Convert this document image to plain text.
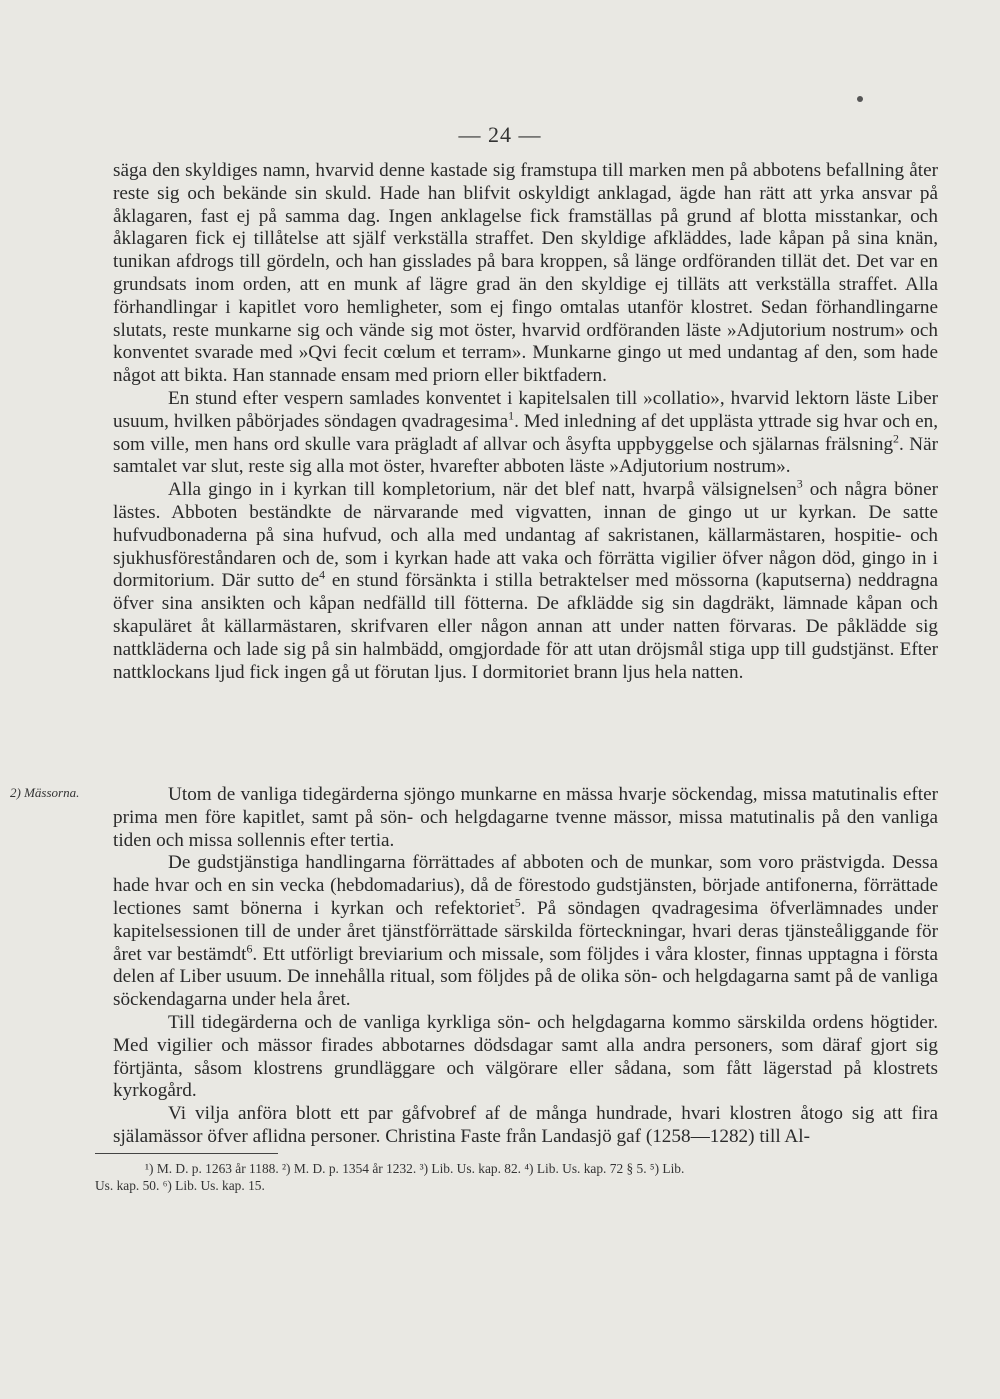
— 24 —

säga den skyldiges namn, hvarvid denne kastade sig framstupa till marken men på abbotens befallning åter reste sig och bekände sin skuld. Hade han blifvit oskyldigt anklagad, ägde han rätt att yrka ansvar på åklagaren, fast ej på samma dag. Ingen anklagelse fick framställas på grund af blotta misstankar, och åklagaren fick ej tillåtelse att själf verkställa straffet. Den skyldige afkläddes, lade kåpan på sina knän, tunikan afdrogs till gördeln, och han gisslades på bara kroppen, så länge ordföranden tillät det. Det var en grundsats inom orden, att en munk af lägre grad än den skyldige ej tilläts att verkställa straffet. Alla förhandlingar i kapitlet voro hemligheter, som ej fingo omtalas utanför klostret. Sedan förhandlingarne slutats, reste munkarne sig och vände sig mot öster, hvarvid ordföranden läste »Adjutorium nostrum» och konventet svarade med »Qvi fecit cœlum et terram». Munkarne gingo ut med undantag af den, som hade något att bikta. Han stannade ensam med priorn eller biktfadern.

En stund efter vespern samlades konventet i kapitelsalen till »collatio», hvarvid lektorn läste Liber usuum, hvilken påbörjades söndagen qvadragesima$^1$. Med inledning af det upplästa yttrade sig hvar och en, som ville, men hans ord skulle vara prägladt af allvar och åsyfta uppbyggelse och själarnas frälsning$^2$. När samtalet var slut, reste sig alla mot öster, hvarefter abboten läste »Adjutorium nostrum».

Alla gingo in i kyrkan till kompletorium, när det blef natt, hvarpå välsignelsen$^3$ och några böner lästes. Abboten beständkte de närvarande med vigvatten, innan de gingo ut ur kyrkan. De satte hufvudbonaderna på sina hufvud, och alla med undantag af sakristanen, källarmästaren, hospitie- och sjukhusföreståndaren och de, som i kyrkan hade att vaka och förrätta vigilier öfver någon död, gingo in i dormitorium. Där sutto $de^4$ en stund försänkta i stilla betraktelser med mössorna (kaputserna) neddragna öfver sina ansikten och kåpan nedfälld till fötterna. De afklädde sig sin dagdräkt, lämnade kåpan och skapuläret åt källarmästaren, skrifvaren eller någon annan att under natten förvaras. De påklädde sig nattkläderna och lade sig på sin halmbädd, omgjordade för att utan dröjsmål stiga upp till gudstjänst. Efter nattklockans ljud fick ingen gå ut förutan ljus. I dormitoriet brann ljus hela natten.

2) Mässorna.	Utom de vanliga tidegärderna sjöngo munkarne en mässa hvarje söckendag, missa matutinalis efter prima men före kapitlet, samt på sön- och helgdagarne tvenne mässor, missa matutinalis på den vanliga tiden och missa sollennis efter tertia.

De gudstjänstiga handlingarna förrättades af abboten och de munkar, som voro prästvigda. Dessa hade hvar och en sin vecka (hebdomadarius), då de förestodo gudstjänsten, började antifonerna, förrättade lectiones samt bönerna i kyrkan och refektoriet$^5$. På söndagen qvadragesima öfverlämnades under kapitelsessionen till de under året tjänstförrättade särskilda förteckningar, hvari deras tjänsteåliggande för året var bestämdt$^6$. Ett utförligt breviarium och missale, som följdes i våra kloster, finnas upptagna i första delen af Liber usuum. De innehålla ritual, som följdes på de olika sön- och helgdagarna samt på de vanliga söckendagarna under hela året.

Till tidegärderna och de vanliga kyrkliga sön- och helgdagarna kommo särskilda ordens högtider. Med vigilier och mässor firades abbotarnes dödsdagar samt alla andra personers, som däraf gjort sig förtjänta, såsom klostrens grundläggare och välgörare eller sådana, som fått lägerstad på klostrets kyrkogård.

Vi vilja anföra blott ett par gåfvobref af de många hundrade, hvari klostren åtogo sig att fira själamässor öfver aflidna personer. Christina Faste från Landasjö gaf (1258—1282) till Al-

¹) M. D. p. 1263 år 1188. ²) M. D. p. 1354 år 1232. ³) Lib. Us. kap. 82. ⁴) Lib. Us. kap. 72 § 5. ⁵) Lib.

Us. kap. 50. ⁶) Lib. Us. kap. 15.
